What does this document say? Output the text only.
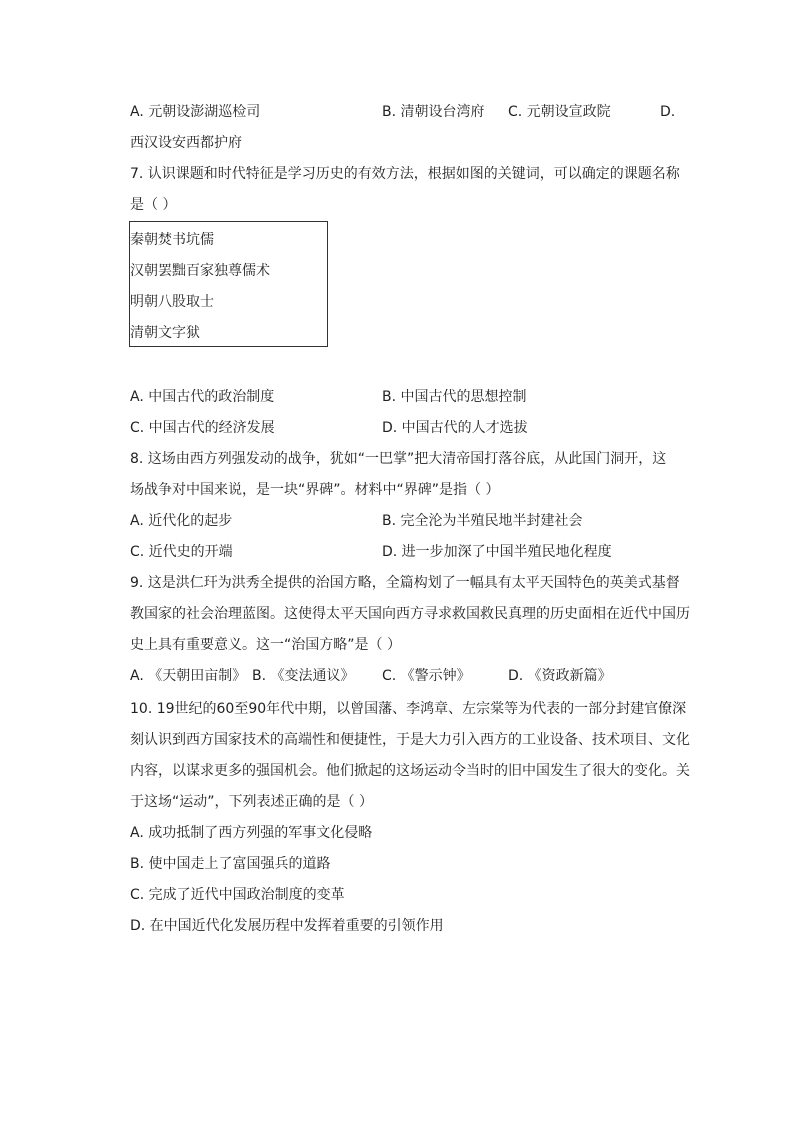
A. 元朝设澎湖巡检司	B. 清朝设台湾府 C. 元朝设宣政院	D.
西汉设安西都护府
7. 认识课题和时代特征是学习历史的有效方法，根据如图的关键词，可以确定的课题名称
是（ ）
秦朝焚书坑儒
汉朝罢黜百家独尊儒术
明朝八股取士
清朝文字狱
A. 中国古代的政治制度	B. 中国古代的思想控制
C. 中国古代的经济发展	D. 中国古代的人才选拔
8. 这场由西方列强发动的战争，犹如“一巴掌”把大清帝国打落谷底，从此国门洞开，这
场战争对中国来说，是一块“界碑”。材料中“界碑”是指（ ）
A. 近代化的起步	B. 完全沦为半殖民地半封建社会
C. 近代史的开端	D. 进一步加深了中国半殖民地化程度
9. 这是洪仁玕为洪秀全提供的治国方略，全篇构划了一幅具有太平天国特色的英美式基督
教国家的社会治理蓝图。这使得太平天国向西方寻求救国救民真理的历史面相在近代中国历
史上具有重要意义。这一“治国方略”是（ ）
A. 《天朝田亩制》 B. 《变法通议》 C. 《警示钟》	D. 《资政新篇》
10. 19世纪的60至90年代中期，以曾国藩、李鸿章、左宗棠等为代表的一部分封建官僚深
刻认识到西方国家技术的高端性和便捷性，于是大力引入西方的工业设备、技术项目、文化
内容，以谋求更多的强国机会。他们掀起的这场运动令当时的旧中国发生了很大的变化。关
于这场“运动”，下列表述正确的是（ ）
A. 成功抵制了西方列强的军事文化侵略
B. 使中国走上了富国强兵的道路
C. 完成了近代中国政治制度的变革
D. 在中国近代化发展历程中发挥着重要的引领作用
